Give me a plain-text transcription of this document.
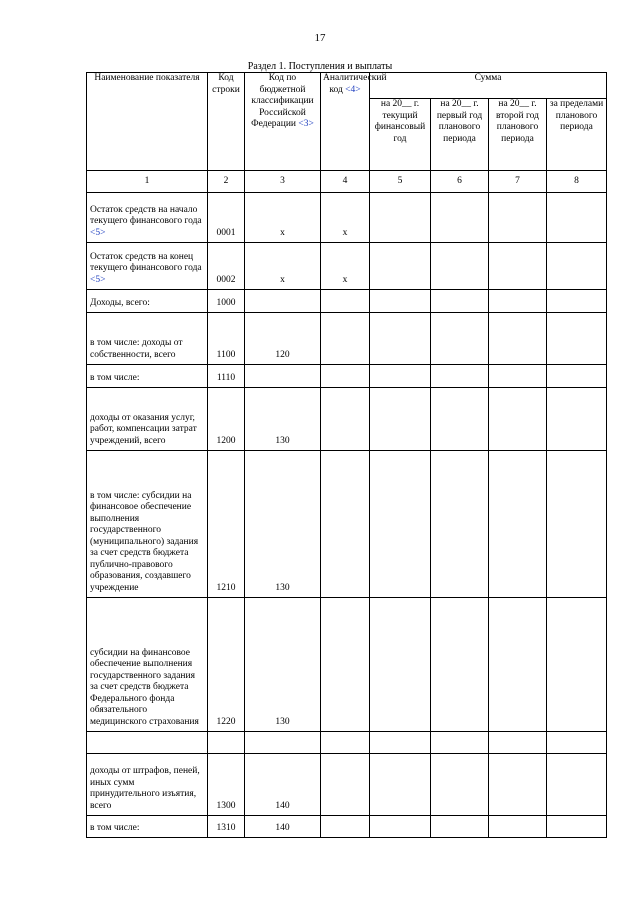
17
Раздел 1. Поступления и выплаты
Наименование показателя	Код строки	Код по бюджетной классификации Российской Федерации <3>	Аналитический код <4>	Сумма			
				на 20__ г. текущий финансовый год	на 20__ г. первый год планового периода	на 20__ г. второй год планового периода	за пределами планового периода
1	2	3	4	5	6	7	8
Остаток средств на начало текущего финансового года <5>	0001	x	x				
Остаток средств на конец текущего финансового года <5>	0002	x	x				
Доходы, всего:	1000						
в том числе: доходы от собственности, всего	1100	120					
в том числе:	1110						
доходы от оказания услуг, работ, компенсации затрат учреждений, всего	1200	130					
в том числе: субсидии на финансовое обеспечение выполнения государственного (муниципального) задания за счет средств бюджета публично-правового образования, создавшего учреждение	1210	130					
субсидии на финансовое обеспечение выполнения государственного задания за счет средств бюджета Федерального фонда обязательного медицинского страхования	1220	130					

доходы от штрафов, пеней, иных сумм принудительного изъятия, всего	1300	140					
в том числе:	1310	140					
